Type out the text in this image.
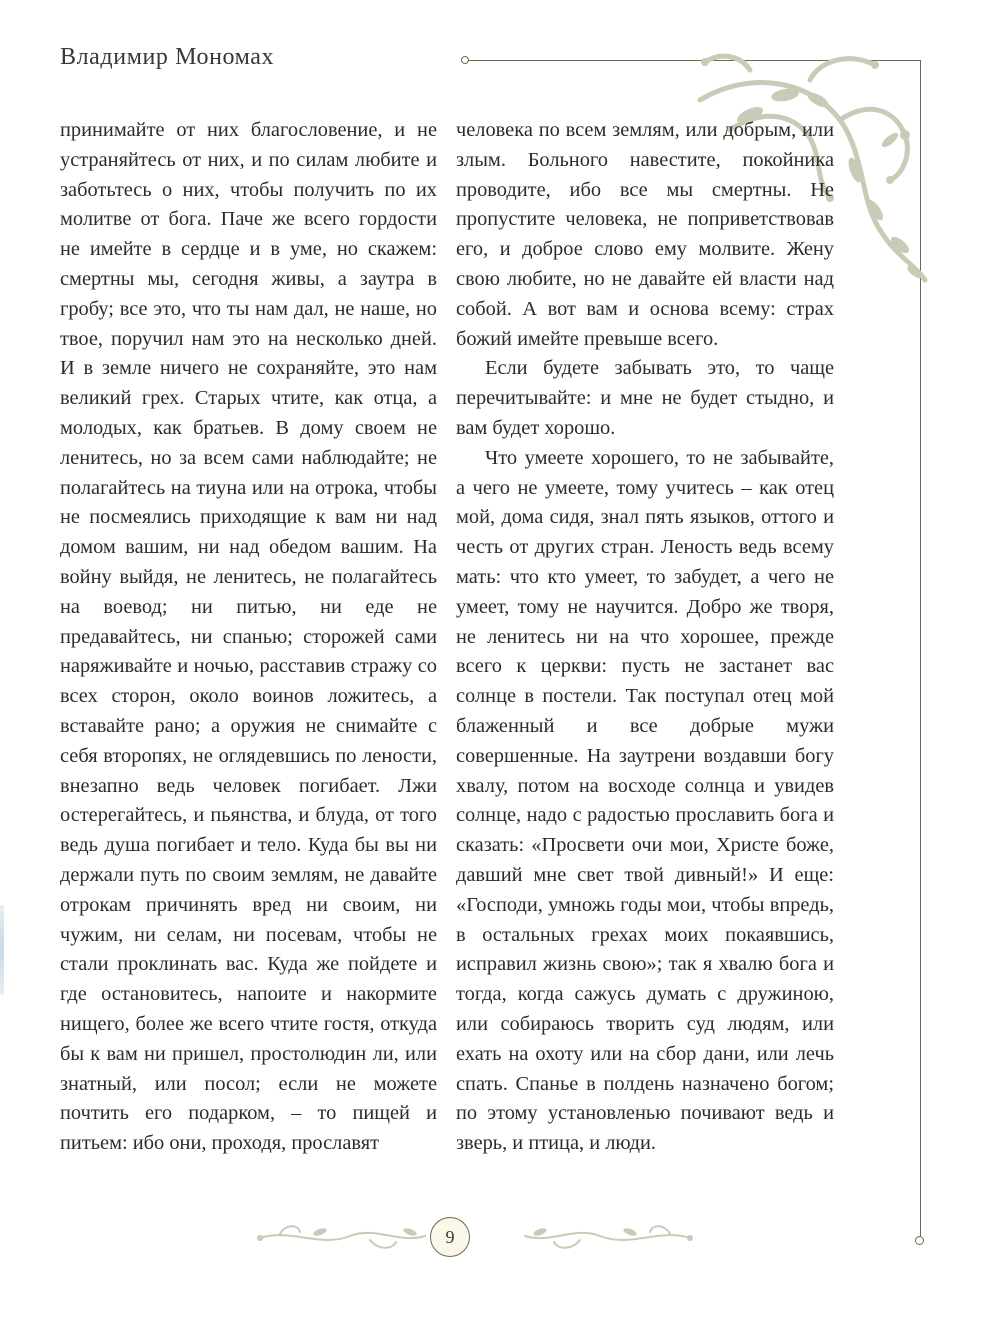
Владимир Мономах

принимайте от них благословение, и не устраняйтесь от них, и по силам любите и заботьтесь о них, чтобы получить по их молитве от бога. Паче же всего гордости не имейте в сердце и в уме, но скажем: смертны мы, сегодня живы, а заутра в гробу; все это, что ты нам дал, не наше, но твое, поручил нам это на несколько дней. И в земле ничего не сохраняйте, это нам великий грех. Старых чтите, как отца, а молодых, как братьев. В дому своем не ленитесь, но за всем сами наблюдайте; не полагайтесь на тиуна или на отрока, чтобы не посмеялись приходящие к вам ни над домом вашим, ни над обедом вашим. На войну выйдя, не ленитесь, не полагайтесь на воевод; ни питью, ни еде не предавайтесь, ни спанью; сторожей сами наряживайте и ночью, расставив стражу со всех сторон, около воинов ложитесь, а вставайте рано; а оружия не снимайте с себя второпях, не оглядевшись по лености, внезапно ведь человек погибает. Лжи остерегайтесь, и пьянства, и блуда, от того ведь душа погибает и тело. Куда бы вы ни держали путь по своим землям, не давайте отрокам причинять вред ни своим, ни чужим, ни селам, ни посевам, чтобы не стали проклинать вас. Куда же пойдете и где остановитесь, напоите и накормите нищего, более же всего чтите гостя, откуда бы к вам ни пришел, простолюдин ли, или знатный, или посол; если не можете почтить его подарком, – то пищей и питьем: ибо они, проходя, прославят

человека по всем землям, или добрым, или злым. Больного навестите, покойника проводите, ибо все мы смертны. Не пропустите человека, не поприветствовав его, и доброе слово ему молвите. Жену свою любите, но не давайте ей власти над собой. А вот вам и основа всему: страх божий имейте превыше всего.

Если будете забывать это, то чаще перечитывайте: и мне не будет стыдно, и вам будет хорошо.

Что умеете хорошего, то не забывайте, а чего не умеете, тому учитесь – как отец мой, дома сидя, знал пять языков, оттого и честь от других стран. Леность ведь всему мать: что кто умеет, то забудет, а чего не умеет, тому не научится. Добро же творя, не ленитесь ни на что хорошее, прежде всего к церкви: пусть не застанет вас солнце в постели. Так поступал отец мой блаженный и все добрые мужи совершенные. На заутрени воздавши богу хвалу, потом на восходе солнца и увидев солнце, надо с радостью прославить бога и сказать: «Просвети очи мои, Христе боже, давший мне свет твой дивный!» И еще: «Господи, умножь годы мои, чтобы впредь, в остальных грехах моих покаявшись, исправил жизнь свою»; так я хвалю бога и тогда, когда сажусь думать с дружиною, или собираюсь творить суд людям, или ехать на охоту или на сбор дани, или лечь спать. Спанье в полдень назначено богом; по этому установленью почивают ведь и зверь, и птица, и люди.

9
